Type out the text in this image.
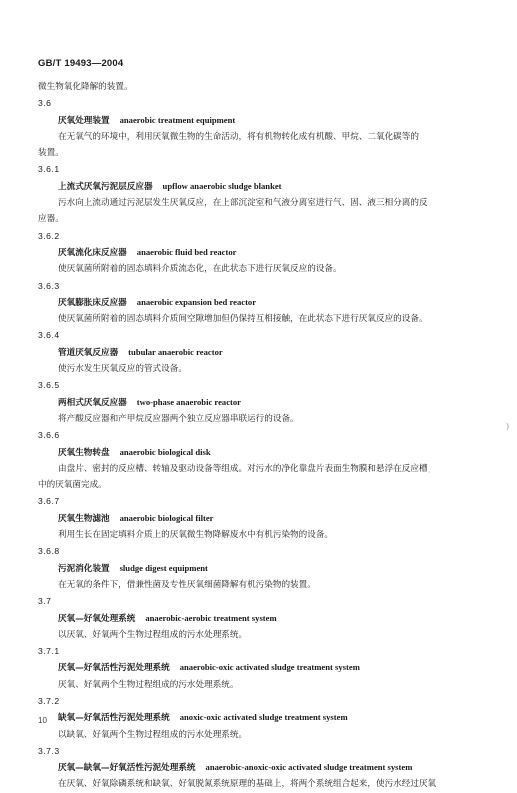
GB/T 19493—2004
微生物氧化降解的装置。
3.6
厌氧处理装置 anaerobic treatment equipment
在无氧气的环境中，利用厌氧微生物的生命活动，将有机物转化成有机酸、甲烷、二氧化碳等的
装置。
3.6.1
上流式厌氧污泥层反应器 upflow anaerobic sludge blanket
污水向上流动通过污泥层发生厌氧反应，在上部沉淀室和气液分离室进行气、固、液三相分离的反
应器。
3.6.2
厌氧流化床反应器 anaerobic fluid bed reactor
使厌氧菌所附着的固态填料介质流态化，在此状态下进行厌氧反应的设备。
3.6.3
厌氧膨胀床反应器 anaerobic expansion bed reactor
使厌氧菌所附着的固态填料介质间空隙增加但仍保持互相接触，在此状态下进行厌氧反应的设备。
3.6.4
管道厌氧反应器 tubular anaerobic reactor
使污水发生厌氧反应的管式设备。
3.6.5
两相式厌氧反应器 two-phase anaerobic reactor
将产酸反应器和产甲烷反应器两个独立反应器串联运行的设备。
3.6.6
厌氧生物转盘 anaerobic biological disk
由盘片、密封的反应槽、转轴及驱动设备等组成。对污水的净化靠盘片表面生物膜和悬浮在反应槽
中的厌氧菌完成。
3.6.7
厌氧生物滤池 anaerobic biological filter
利用生长在固定填料介质上的厌氧微生物降解废水中有机污染物的设备。
3.6.8
污泥消化装置 sludge digest equipment
在无氧的条件下，借兼性菌及专性厌氧细菌降解有机污染物的装置。
3.7
厌氧—好氧处理系统 anaerobic-aerobic treatment system
以厌氧、好氧两个生物过程组成的污水处理系统。
3.7.1
厌氧—好氧活性污泥处理系统 anaerobic-oxic activated sludge treatment system
厌氧、好氧两个生物过程组成的污水处理系统。
3.7.2
缺氧—好氧活性污泥处理系统 anoxic-oxic activated sludge treatment system
以缺氧、好氧两个生物过程组成的污水处理系统。
3.7.3
厌氧—缺氧—好氧活性污泥处理系统 anaerobic-anoxic-oxic activated sludge treatment system
在厌氧、好氧除磷系统和缺氧、好氧脱氮系统原理的基础上，将两个系统组合起来，使污水经过厌氧
10
)
·
